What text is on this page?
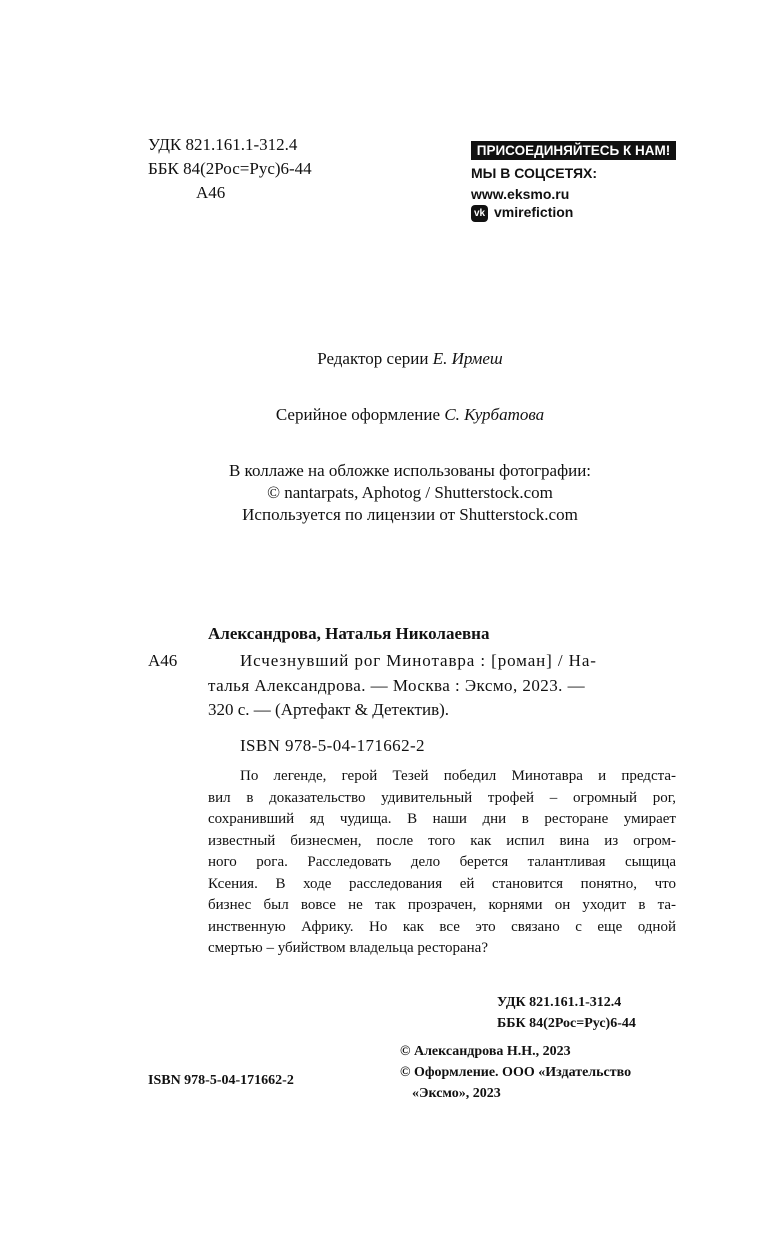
УДК 821.161.1-312.4
ББК 84(2Рос=Рус)6-44
А46
ПРИСОЕДИНЯЙТЕСЬ К НАМ!
МЫ В СОЦСЕТЯХ:
www.eksmo.ru
vk vmirefiction
Редактор серии Е. Ирмеш
Серийное оформление С. Курбатова
В коллаже на обложке использованы фотографии:
© nantarpats, Aphotog / Shutterstock.com
Используется по лицензии от Shutterstock.com
Александрова, Наталья Николаевна
А46	Исчезнувший рог Минотавра : [роман] / На-
талья Александрова. — Москва : Эксмо, 2023. —
320 с. — (Артефакт & Детектив).
ISBN 978-5-04-171662-2
По легенде, герой Тезей победил Минотавра и предста-
вил в доказательство удивительный трофей – огромный рог,
сохранивший яд чудища. В наши дни в ресторане умирает
известный бизнесмен, после того как испил вина из огром-
ного рога. Расследовать дело берется талантливая сыщица
Ксения. В ходе расследования ей становится понятно, что
бизнес был вовсе не так прозрачен, корнями он уходит в та-
инственную Африку. Но как все это связано с еще одной
смертью – убийством владельца ресторана?
УДК 821.161.1-312.4
ББК 84(2Рос=Рус)6-44
© Александрова Н.Н., 2023
© Оформление. ООО «Издательство
«Эксмо», 2023
ISBN 978-5-04-171662-2
